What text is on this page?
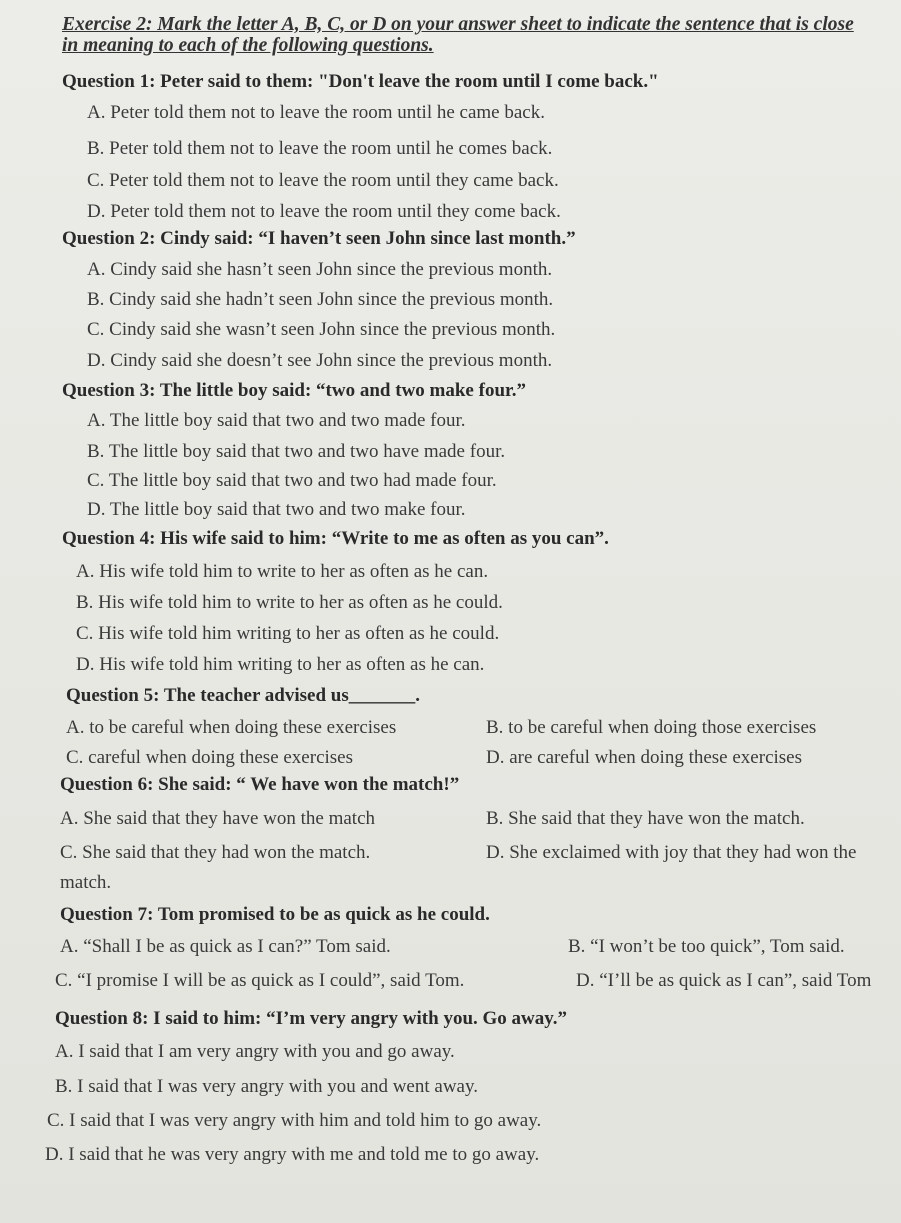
Exercise 2: Mark the letter A, B, C, or D on your answer sheet to indicate the sentence that is close
in meaning to each of the following questions.
Question 1: Peter said to them: "Don't leave the room until I come back."
A. Peter told them not to leave the room until he came back.
B. Peter told them not to leave the room until he comes back.
C. Peter told them not to leave the room until they came back.
D. Peter told them not to leave the room until they come back.
Question 2: Cindy said: “I haven’t seen John since last month.”
A. Cindy said she hasn’t seen John since the previous month.
B. Cindy said she hadn’t seen John since the previous month.
C. Cindy said she wasn’t seen John since the previous month.
D. Cindy said she doesn’t see John since the previous month.
Question 3: The little boy said: “two and two make four.”
A. The little boy said that two and two made four.
B. The little boy said that two and two have made four.
C. The little boy said that two and two had made four.
D. The little boy said that two and two make four.
Question 4: His wife said to him: “Write to me as often as you can”.
A. His wife told him to write to her as often as he can.
B. His wife told him to write to her as often as he could.
C. His wife told him writing to her as often as he could.
D. His wife told him writing to her as often as he can.
Question 5: The teacher advised us_______.
A. to be careful when doing these exercises	B. to be careful when doing those exercises
C. careful when doing these exercises	D. are careful when doing these exercises
Question 6: She said: “ We have won the match!”
A. She said that they have won the match	B. She said that they have won the match.
C. She said that they had won the match.	D. She exclaimed with joy that they had won the
match.
Question 7: Tom promised to be as quick as he could.
A. “Shall I be as quick as I can?” Tom said.	B. “I won’t be too quick”, Tom said.
C. “I promise I will be as quick as I could”, said Tom.	D. “I’ll be as quick as I can”, said Tom
Question 8: I said to him: “I’m very angry with you. Go away.”
A. I said that I am very angry with you and go away.
B. I said that I was very angry with you and went away.
C. I said that I was very angry with him and told him to go away.
D. I said that he was very angry with me and told me to go away.
